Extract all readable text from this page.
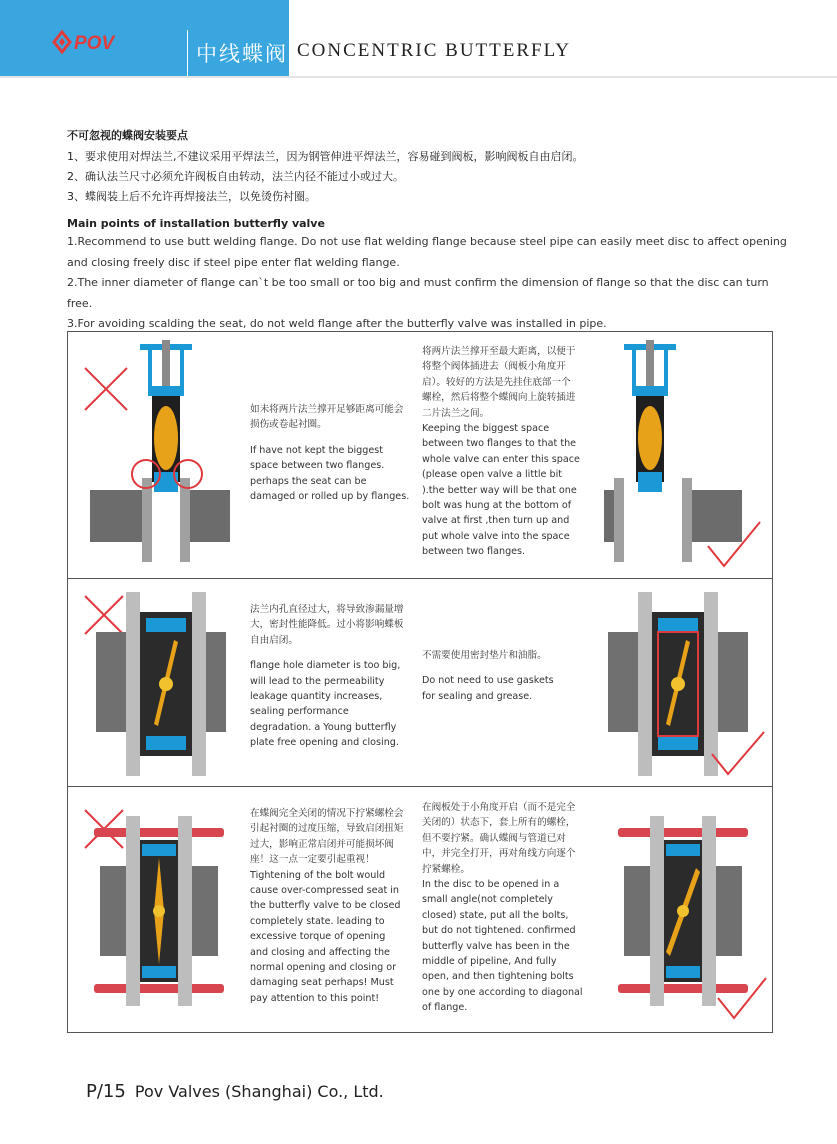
POV	中线蝶阀 CONCENTRIC BUTTERFLY

不可忽视的蝶阀安装要点

1、要求使用对焊法兰,不建议采用平焊法兰，因为钢管伸进平焊法兰，容易碰到阀板，影响阀板自由启闭。

2、确认法兰尺寸必须允许阀板自由转动，法兰内径不能过小或过大。

3、蝶阀装上后不允许再焊接法兰，以免烫伤衬圈。

Main points of installation butterfly valve

1.Recommend to use butt welding flange. Do not use flat welding flange because steel pipe can easily meet disc to affect opening

and closing freely disc if steel pipe enter flat welding flange.

2.The inner diameter of flange can`t be too small or too big and must confirm the dimension of flange so that the disc can turn free.

3.For avoiding scalding the seat, do not weld flange after the butterfly valve was installed in pipe.

如未将两片法兰撑开足够距离可能会

损伤或卷起衬圈。

If have not kept the biggest

space between two flanges.

perhaps the seat can be

damaged or rolled up by flanges.

将两片法兰撑开至最大距离，以便于

将整个阀体插进去（阀板小角度开

启）。较好的方法是先挂住底部一个

螺栓，然后将整个蝶阀向上旋转插进

二片法兰之间。

Keeping the biggest space

between two flanges to that the

whole valve can enter this space

(please open valve a little bit

).the better way will be that one

bolt was hung at the bottom of

valve at first ,then turn up and

put whole valve into the space

between two flanges.

法兰内孔直径过大，将导致渗漏量增

大，密封性能降低。过小将影响蝶板

自由启闭。

flange hole diameter is too big,

will lead to the permeability

leakage quantity increases,

sealing performance

degradation. a Young butterfly

plate free opening and closing.

不需要使用密封垫片和油脂。

Do not need to use gaskets

for sealing and grease.

在蝶阀完全关闭的情况下拧紧螺栓会

引起衬圈的过度压缩，导致启闭扭矩

过大，影响正常启闭并可能损坏阀

座！这一点一定要引起重视！

Tightening of the bolt would

cause over-compressed seat in

the butterfly valve to be closed

completely state. leading to

excessive torque of opening

and closing and affecting the

normal opening and closing or

damaging seat perhaps! Must

pay attention to this point!

在阀板处于小角度开启（而不是完全

关闭的）状态下，套上所有的螺栓，

但不要拧紧。确认蝶阀与管道已对

中，并完全打开，再对角线方向逐个

拧紧螺栓。

In the disc to be opened in a

small angle(not completely

closed) state, put all the bolts,

but do not tightened. confirmed

butterfly valve has been in the

middle of pipeline, And fully

open, and then tightening bolts

one by one according to diagonal

of flange.

P/15 Pov Valves (Shanghai) Co., Ltd.
